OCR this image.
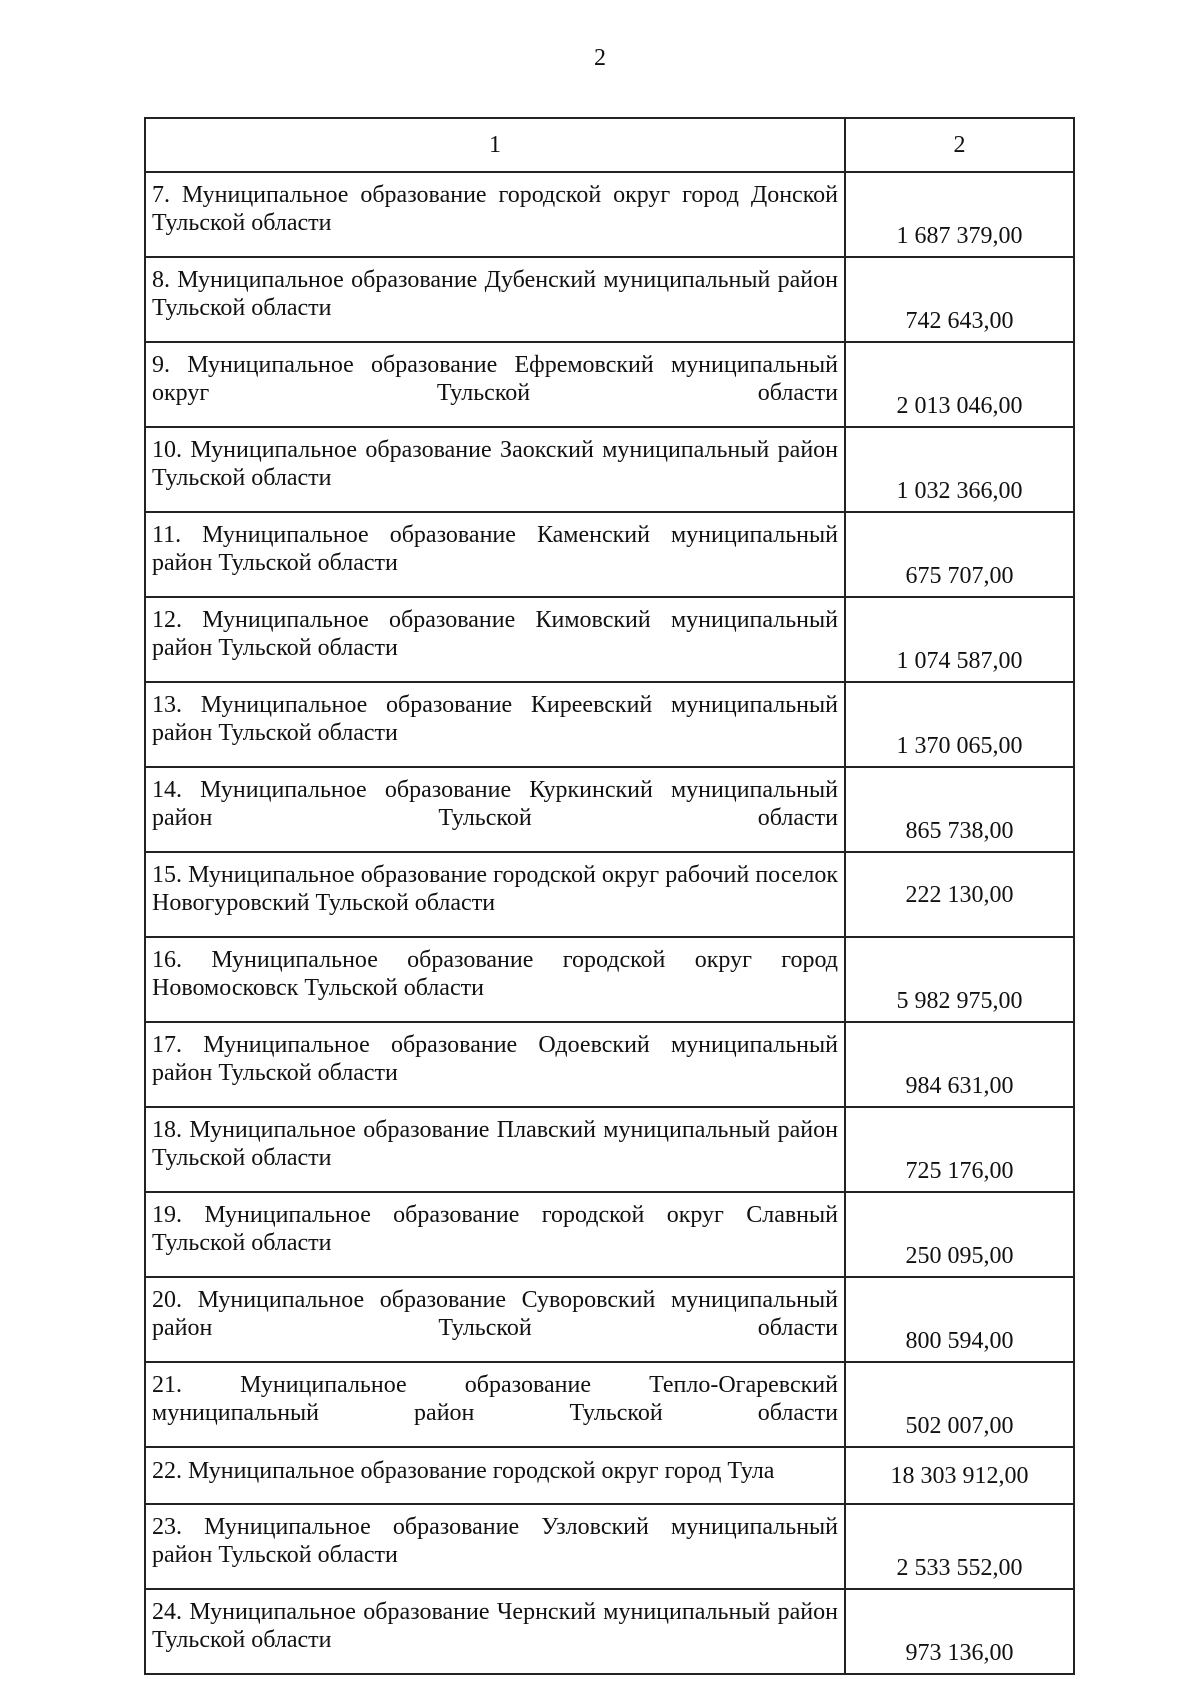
2
1	2

7. Муниципальное образование городской округ город Донской Тульской области	1 687 379,00

8. Муниципальное образование Дубенский муниципальный район Тульской области	742 643,00

9. Муниципальное образование Ефремовский муниципальный округ Тульской области	2 013 046,00

10. Муниципальное образование Заокский муниципальный район Тульской области	1 032 366,00

11. Муниципальное образование Каменский муниципальный район Тульской области	675 707,00

12. Муниципальное образование Кимовский муниципальный район Тульской области	1 074 587,00

13. Муниципальное образование Киреевский муниципальный район Тульской области	1 370 065,00

14. Муниципальное образование Куркинский муниципальный район Тульской области	865 738,00

15. Муниципальное образование городской округ рабочий поселок Новогуровский Тульской области	222 130,00

16. Муниципальное образование городской округ город Новомосковск Тульской области	5 982 975,00

17. Муниципальное образование Одоевский муниципальный район Тульской области	984 631,00

18. Муниципальное образование Плавский муниципальный район Тульской области	725 176,00

19. Муниципальное образование городской округ Славный Тульской области	250 095,00

20. Муниципальное образование Суворовский муниципальный район Тульской области	800 594,00

21. Муниципальное образование Тепло-Огаревский муниципальный район Тульской области	502 007,00

22. Муниципальное образование городской округ город Тула	18 303 912,00

23. Муниципальное образование Узловский муниципальный район Тульской области	2 533 552,00

24. Муниципальное образование Чернский муниципальный район Тульской области	973 136,00
